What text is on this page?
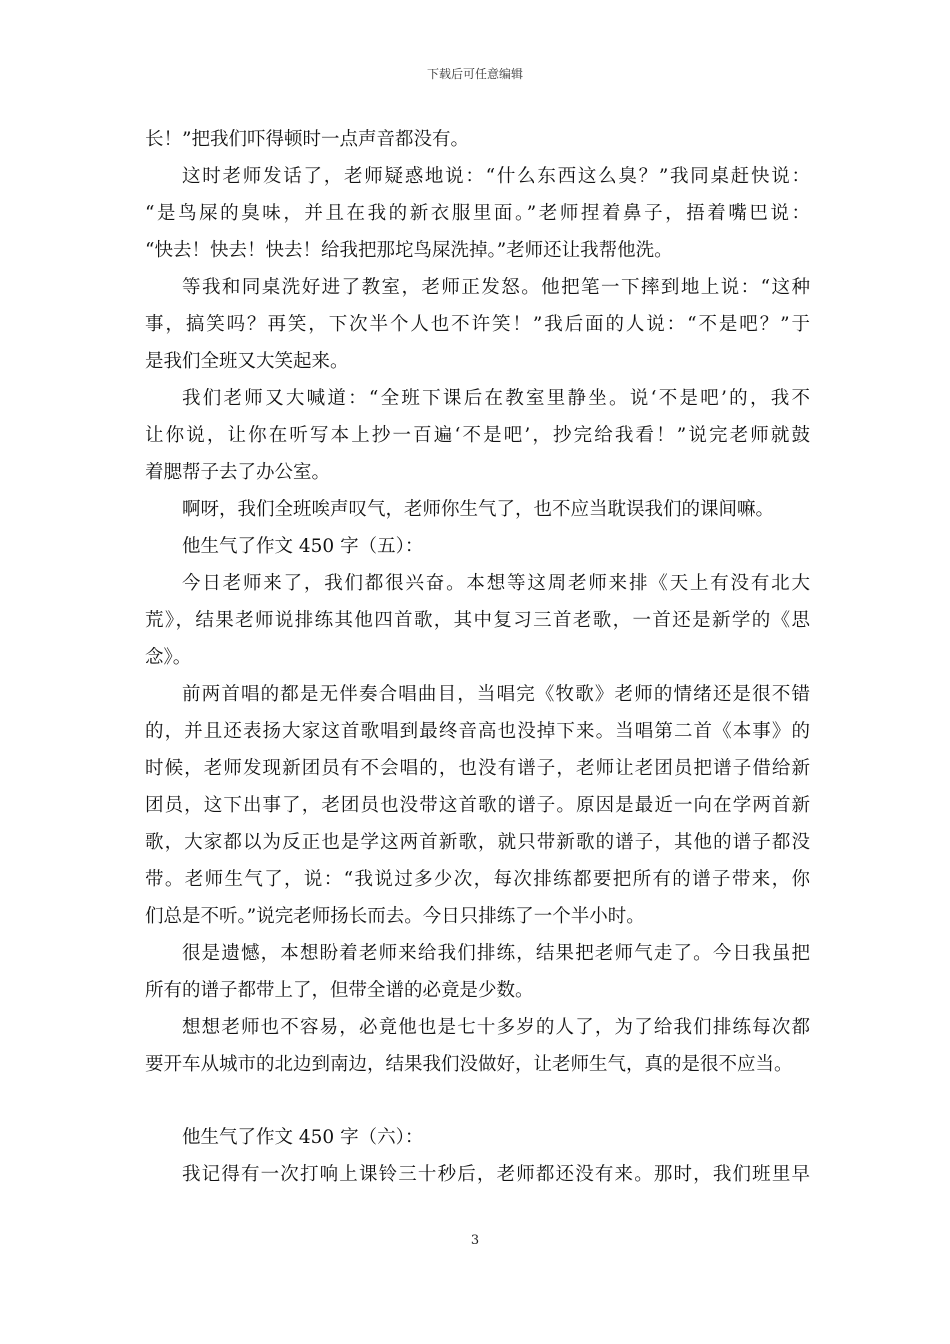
下载后可任意编辑
长！”把我们吓得顿时一点声音都没有。
这时老师发话了，老师疑惑地说：“什么东西这么臭？”我同桌赶快说：
“是鸟屎的臭味，并且在我的新衣服里面。”老师捏着鼻子，捂着嘴巴说：
“快去！快去！快去！给我把那坨鸟屎洗掉。”老师还让我帮他洗。
等我和同桌洗好进了教室，老师正发怒。他把笔一下摔到地上说：“这种
事，搞笑吗？再笑，下次半个人也不许笑！”我后面的人说：“不是吧？”于
是我们全班又大笑起来。
我们老师又大喊道：“全班下课后在教室里静坐。说‘不是吧’的，我不
让你说，让你在听写本上抄一百遍‘不是吧’，抄完给我看！”说完老师就鼓
着腮帮子去了办公室。
啊呀，我们全班唉声叹气，老师你生气了，也不应当耽误我们的课间嘛。
他生气了作文 450 字（五）：
今日老师来了，我们都很兴奋。本想等这周老师来排《天上有没有北大
荒》，结果老师说排练其他四首歌，其中复习三首老歌，一首还是新学的《思
念》。
前两首唱的都是无伴奏合唱曲目，当唱完《牧歌》老师的情绪还是很不错
的，并且还表扬大家这首歌唱到最终音高也没掉下来。当唱第二首《本事》的
时候，老师发现新团员有不会唱的，也没有谱子，老师让老团员把谱子借给新
团员，这下出事了，老团员也没带这首歌的谱子。原因是最近一向在学两首新
歌，大家都以为反正也是学这两首新歌，就只带新歌的谱子，其他的谱子都没
带。老师生气了，说：“我说过多少次，每次排练都要把所有的谱子带来，你
们总是不听。”说完老师扬长而去。今日只排练了一个半小时。
很是遗憾，本想盼着老师来给我们排练，结果把老师气走了。今日我虽把
所有的谱子都带上了，但带全谱的必竟是少数。
想想老师也不容易，必竟他也是七十多岁的人了，为了给我们排练每次都
要开车从城市的北边到南边，结果我们没做好，让老师生气，真的是很不应当。
他生气了作文 450 字（六）：
我记得有一次打响上课铃三十秒后，老师都还没有来。那时，我们班里早
3
